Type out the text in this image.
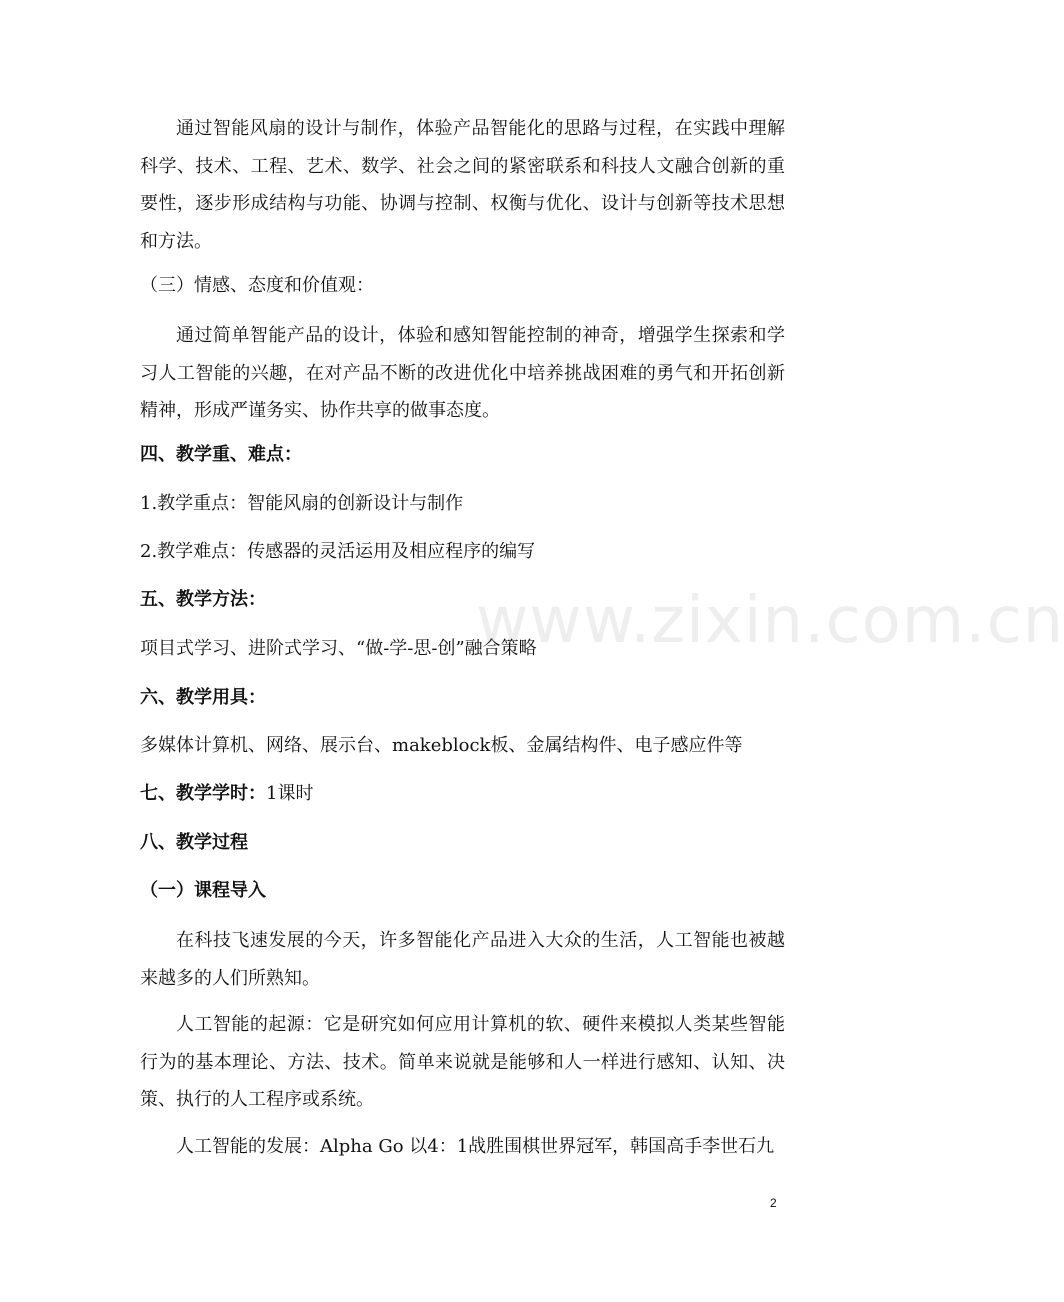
通过智能风扇的设计与制作，体验产品智能化的思路与过程，在实践中理解科学、技术、工程、艺术、数学、社会之间的紧密联系和科技人文融合创新的重要性，逐步形成结构与功能、协调与控制、权衡与优化、设计与创新等技术思想和方法。
（三）情感、态度和价值观：
通过简单智能产品的设计，体验和感知智能控制的神奇，增强学生探索和学习人工智能的兴趣，在对产品不断的改进优化中培养挑战困难的勇气和开拓创新精神，形成严谨务实、协作共享的做事态度。
四、教学重、难点：
1.教学重点：智能风扇的创新设计与制作
2.教学难点：传感器的灵活运用及相应程序的编写
五、教学方法：
项目式学习、进阶式学习、“做-学-思-创”融合策略
六、教学用具：
多媒体计算机、网络、展示台、makeblock板、金属结构件、电子感应件等
七、教学学时：1课时
八、教学过程
（一）课程导入
在科技飞速发展的今天，许多智能化产品进入大众的生活，人工智能也被越来越多的人们所熟知。
人工智能的起源：它是研究如何应用计算机的软、硬件来模拟人类某些智能行为的基本理论、方法、技术。简单来说就是能够和人一样进行感知、认知、决策、执行的人工程序或系统。
人工智能的发展：Alpha Go 以4：1战胜围棋世界冠军，韩国高手李世石九
www.zixin.com.cn
2
